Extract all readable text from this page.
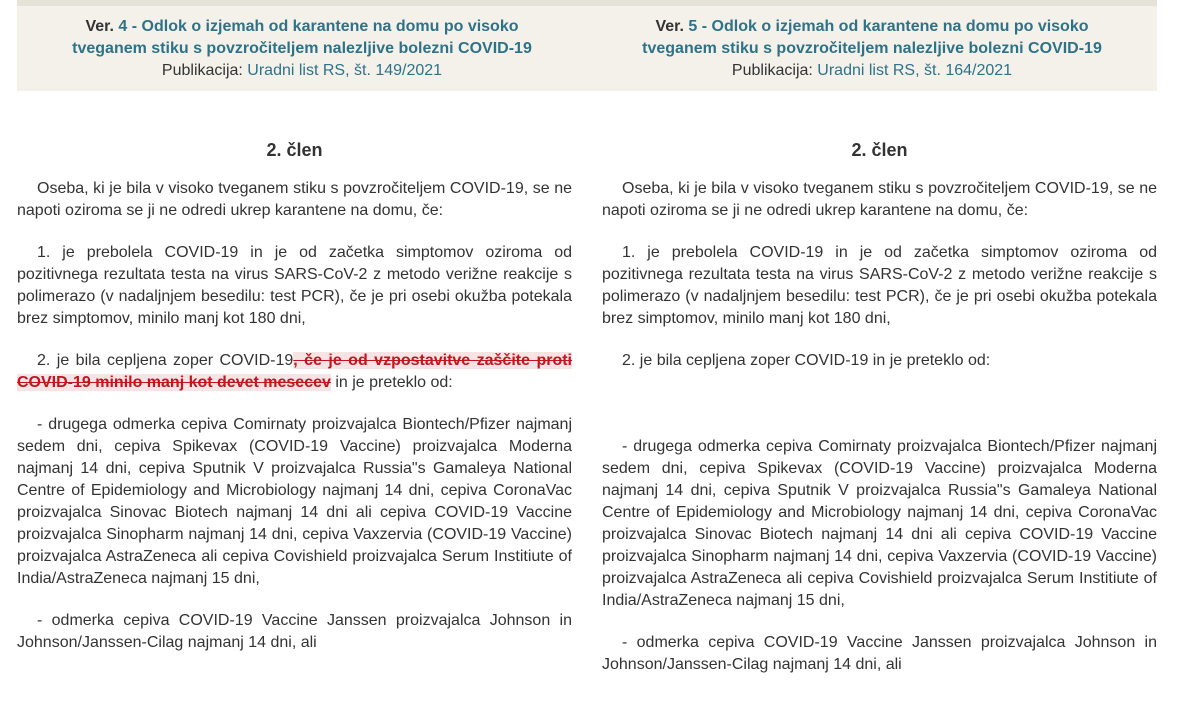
Ver. 4 - Odlok o izjemah od karantene na domu po visoko
tveganem stiku s povzročiteljem nalezljive bolezni COVID-19
Publikacija: Uradni list RS, št. 149/2021
Ver. 5 - Odlok o izjemah od karantene na domu po visoko
tveganem stiku s povzročiteljem nalezljive bolezni COVID-19
Publikacija: Uradni list RS, št. 164/2021
2. člen

Oseba, ki je bila v visoko tveganem stiku s povzročiteljem COVID-19, se ne napoti oziroma se ji ne odredi ukrep karantene na domu, če:

1. je prebolela COVID-19 in je od začetka simptomov oziroma od pozitivnega rezultata testa na virus SARS-CoV-2 z metodo verižne reakcije s polimerazo (v nadaljnjem besedilu: test PCR), če je pri osebi okužba potekala brez simptomov, minilo manj kot 180 dni,

2. je bila cepljena zoper COVID-19, če je od vzpostavitve zaščite proti COVID-19 minilo manj kot devet mesecev in je preteklo od:

- drugega odmerka cepiva Comirnaty proizvajalca Biontech/Pfizer najmanj sedem dni, cepiva Spikevax (COVID-19 Vaccine) proizvajalca Moderna najmanj 14 dni, cepiva Sputnik V proizvajalca Russia"s Gamaleya National Centre of Epidemiology and Microbiology najmanj 14 dni, cepiva CoronaVac proizvajalca Sinovac Biotech najmanj 14 dni ali cepiva COVID-19 Vaccine proizvajalca Sinopharm najmanj 14 dni, cepiva Vaxzervia (COVID-19 Vaccine) proizvajalca AstraZeneca ali cepiva Covishield proizvajalca Serum Institiute of India/AstraZeneca najmanj 15 dni,

- odmerka cepiva COVID-19 Vaccine Janssen proizvajalca Johnson in Johnson/Janssen-Cilag najmanj 14 dni, ali

2. člen

Oseba, ki je bila v visoko tveganem stiku s povzročiteljem COVID-19, se ne napoti oziroma se ji ne odredi ukrep karantene na domu, če:

1. je prebolela COVID-19 in je od začetka simptomov oziroma od pozitivnega rezultata testa na virus SARS-CoV-2 z metodo verižne reakcije s polimerazo (v nadaljnjem besedilu: test PCR), če je pri osebi okužba potekala brez simptomov, minilo manj kot 180 dni,

2. je bila cepljena zoper COVID-19 in je preteklo od:

- drugega odmerka cepiva Comirnaty proizvajalca Biontech/Pfizer najmanj sedem dni, cepiva Spikevax (COVID-19 Vaccine) proizvajalca Moderna najmanj 14 dni, cepiva Sputnik V proizvajalca Russia"s Gamaleya National Centre of Epidemiology and Microbiology najmanj 14 dni, cepiva CoronaVac proizvajalca Sinovac Biotech najmanj 14 dni ali cepiva COVID-19 Vaccine proizvajalca Sinopharm najmanj 14 dni, cepiva Vaxzervia (COVID-19 Vaccine) proizvajalca AstraZeneca ali cepiva Covishield proizvajalca Serum Institiute of India/AstraZeneca najmanj 15 dni,

- odmerka cepiva COVID-19 Vaccine Janssen proizvajalca Johnson in Johnson/Janssen-Cilag najmanj 14 dni, ali
